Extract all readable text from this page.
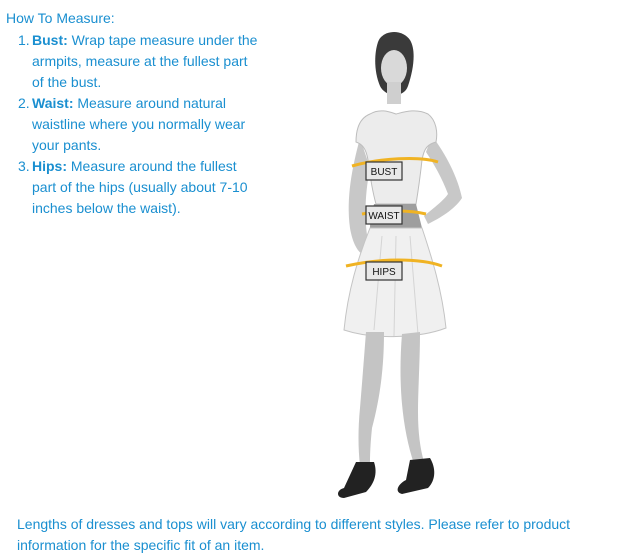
How To Measure:
1. Bust: Wrap tape measure under the armpits, measure at the fullest part of the bust.
2. Waist: Measure around natural waistline where you normally wear your pants.
3. Hips: Measure around the fullest part of the hips (usually about 7-10 inches below the waist).
BUST
WAIST
HIPS
Lengths of dresses and tops will vary according to different styles. Please refer to product information for the specific fit of an item.
